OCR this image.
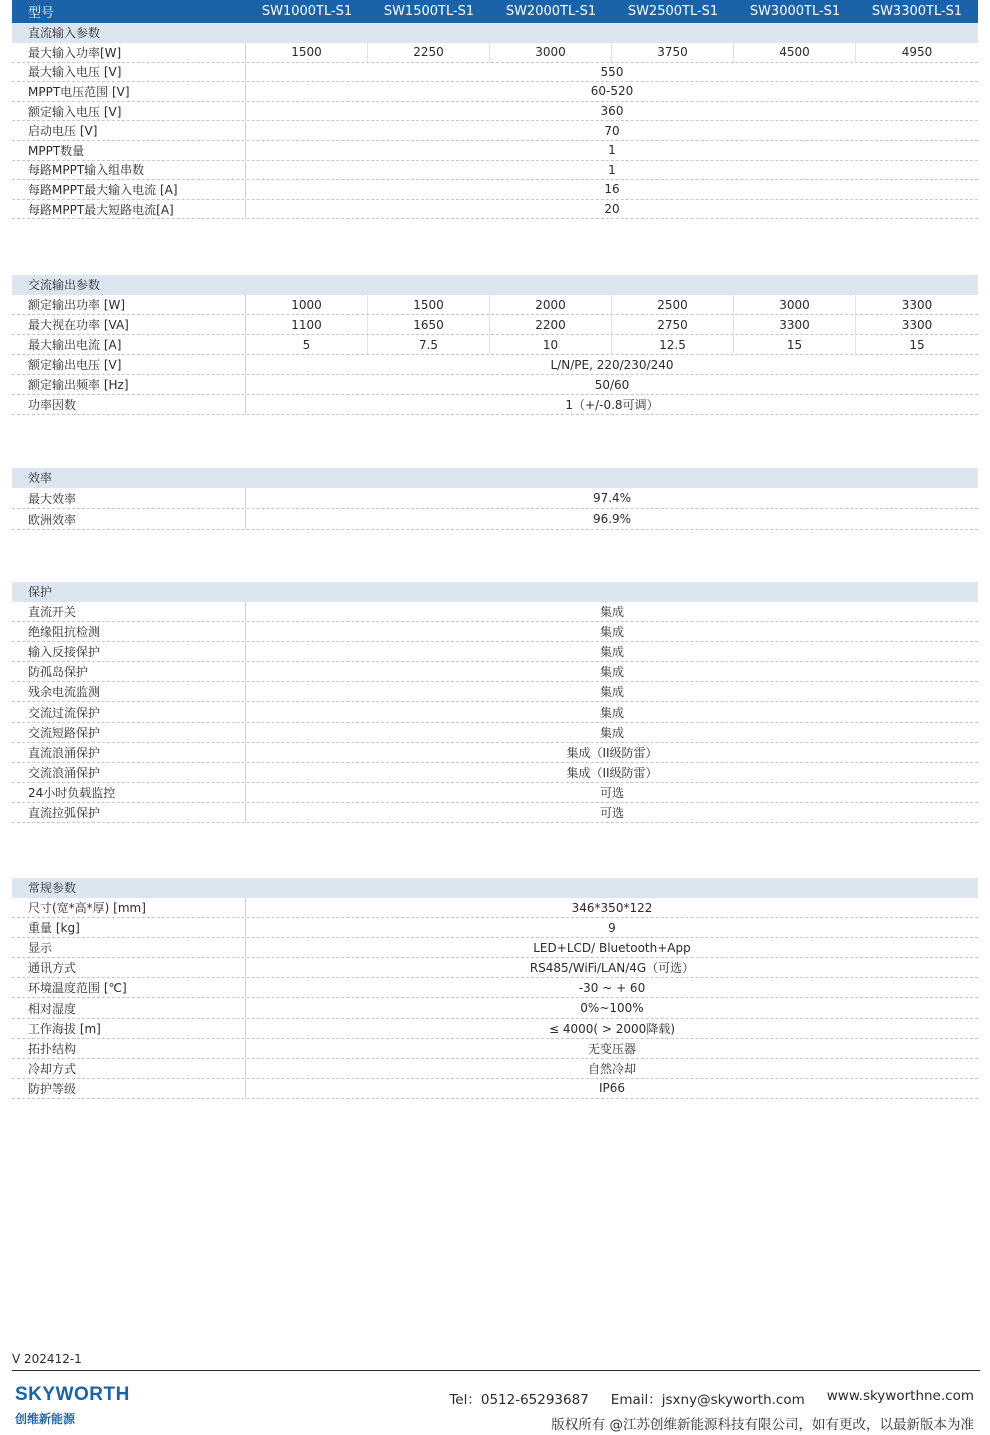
型号	SW1000TL-S1	SW1500TL-S1	SW2000TL-S1	SW2500TL-S1	SW3000TL-S1	SW3300TL-S1
直流输入参数
最大输入功率[W]	1500	2250	3000	3750	4500	4950
最大输入电压 [V]	550
MPPT电压范围 [V]	60-520
额定输入电压 [V]	360
启动电压 [V]	70
MPPT数量	1
每路MPPT输入组串数	1
每路MPPT最大输入电流 [A]	16
每路MPPT最大短路电流[A]	20
交流输出参数
额定输出功率 [W]	1000	1500	2000	2500	3000	3300
最大视在功率 [VA]	1100	1650	2200	2750	3300	3300
最大输出电流 [A]	5	7.5	10	12.5	15	15
额定输出电压 [V]	L/N/PE, 220/230/240
额定输出频率 [Hz]	50/60
功率因数	1（+/-0.8可调）
效率
最大效率	97.4%
欧洲效率	96.9%
保护
直流开关	集成
绝缘阻抗检测	集成
输入反接保护	集成
防孤岛保护	集成
残余电流监测	集成
交流过流保护	集成
交流短路保护	集成
直流浪涌保护	集成（II级防雷）
交流浪涌保护	集成（II级防雷）
24小时负载监控	可选
直流拉弧保护	可选
常规参数
尺寸(宽*高*厚) [mm]	346*350*122
重量 [kg]	9
显示	LED+LCD/ Bluetooth+App
通讯方式	RS485/WiFi/LAN/4G（可选）
环境温度范围 [℃]	-30 ~ + 60
相对湿度	0%~100%
工作海拔 [m]	≤ 4000( > 2000降载)
拓扑结构	无变压器
冷却方式	自然冷却
防护等级	IP66
V 202412-1
SKYWORTH
创维新能源
Tel：0512-65293687 Email：jsxny@skyworth.com www.skyworthne.com
版权所有 @江苏创维新能源科技有限公司，如有更改，以最新版本为准
